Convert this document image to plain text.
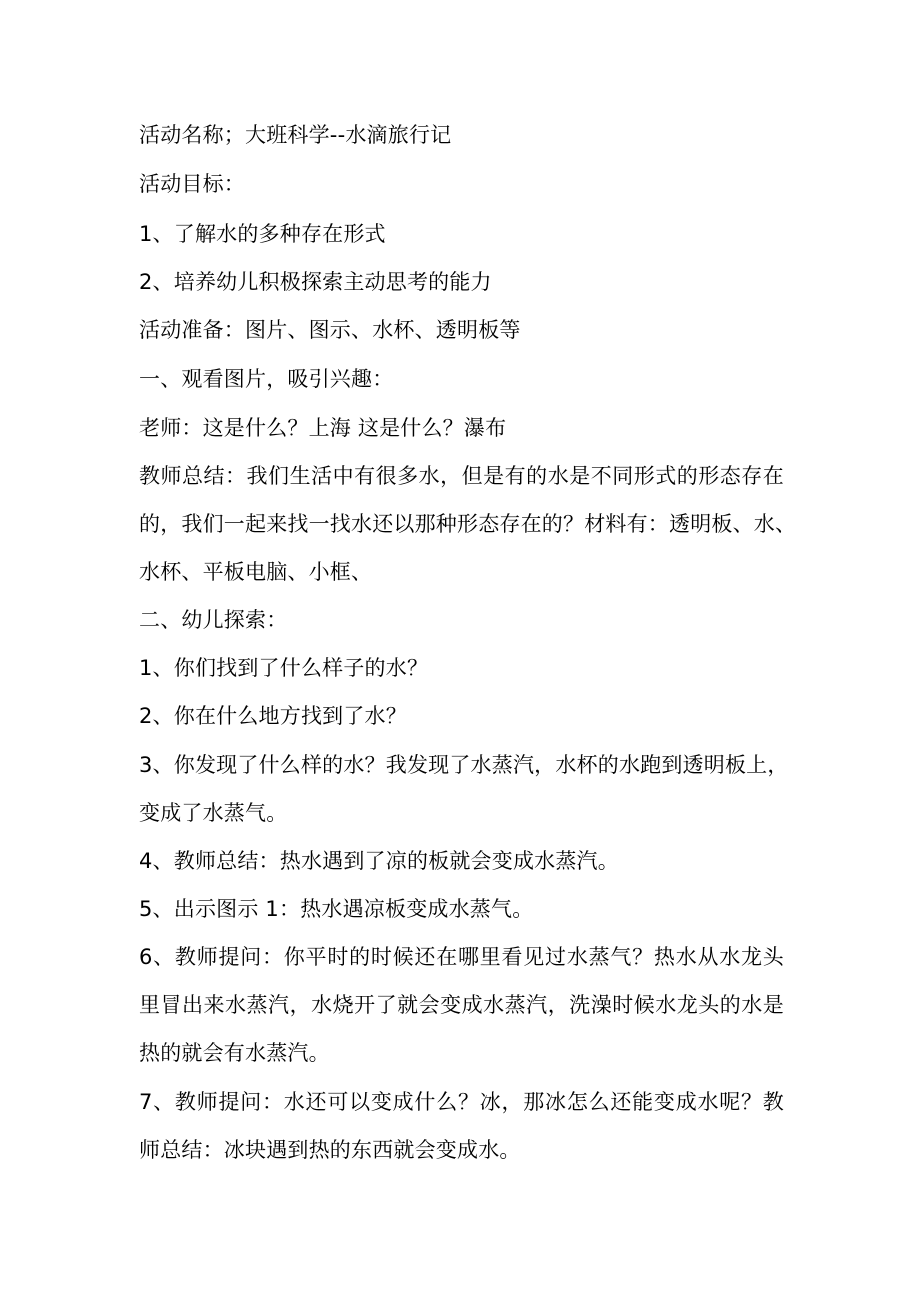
活动名称；大班科学--水滴旅行记
活动目标：
1、了解水的多种存在形式
2、培养幼儿积极探索主动思考的能力
活动准备：图片、图示、水杯、透明板等
一、观看图片，吸引兴趣：
老师：这是什么？上海 这是什么？瀑布
教师总结：我们生活中有很多水，但是有的水是不同形式的形态存在
的，我们一起来找一找水还以那种形态存在的？材料有：透明板、水、
水杯、平板电脑、小框、
二、幼儿探索：
1、你们找到了什么样子的水？
2、你在什么地方找到了水？
3、你发现了什么样的水？我发现了水蒸汽，水杯的水跑到透明板上，
变成了水蒸气。
4、教师总结：热水遇到了凉的板就会变成水蒸汽。
5、出示图示 1：热水遇凉板变成水蒸气。
6、教师提问：你平时的时候还在哪里看见过水蒸气？热水从水龙头
里冒出来水蒸汽，水烧开了就会变成水蒸汽，洗澡时候水龙头的水是
热的就会有水蒸汽。
7、教师提问：水还可以变成什么？冰，那冰怎么还能变成水呢？教
师总结：冰块遇到热的东西就会变成水。
